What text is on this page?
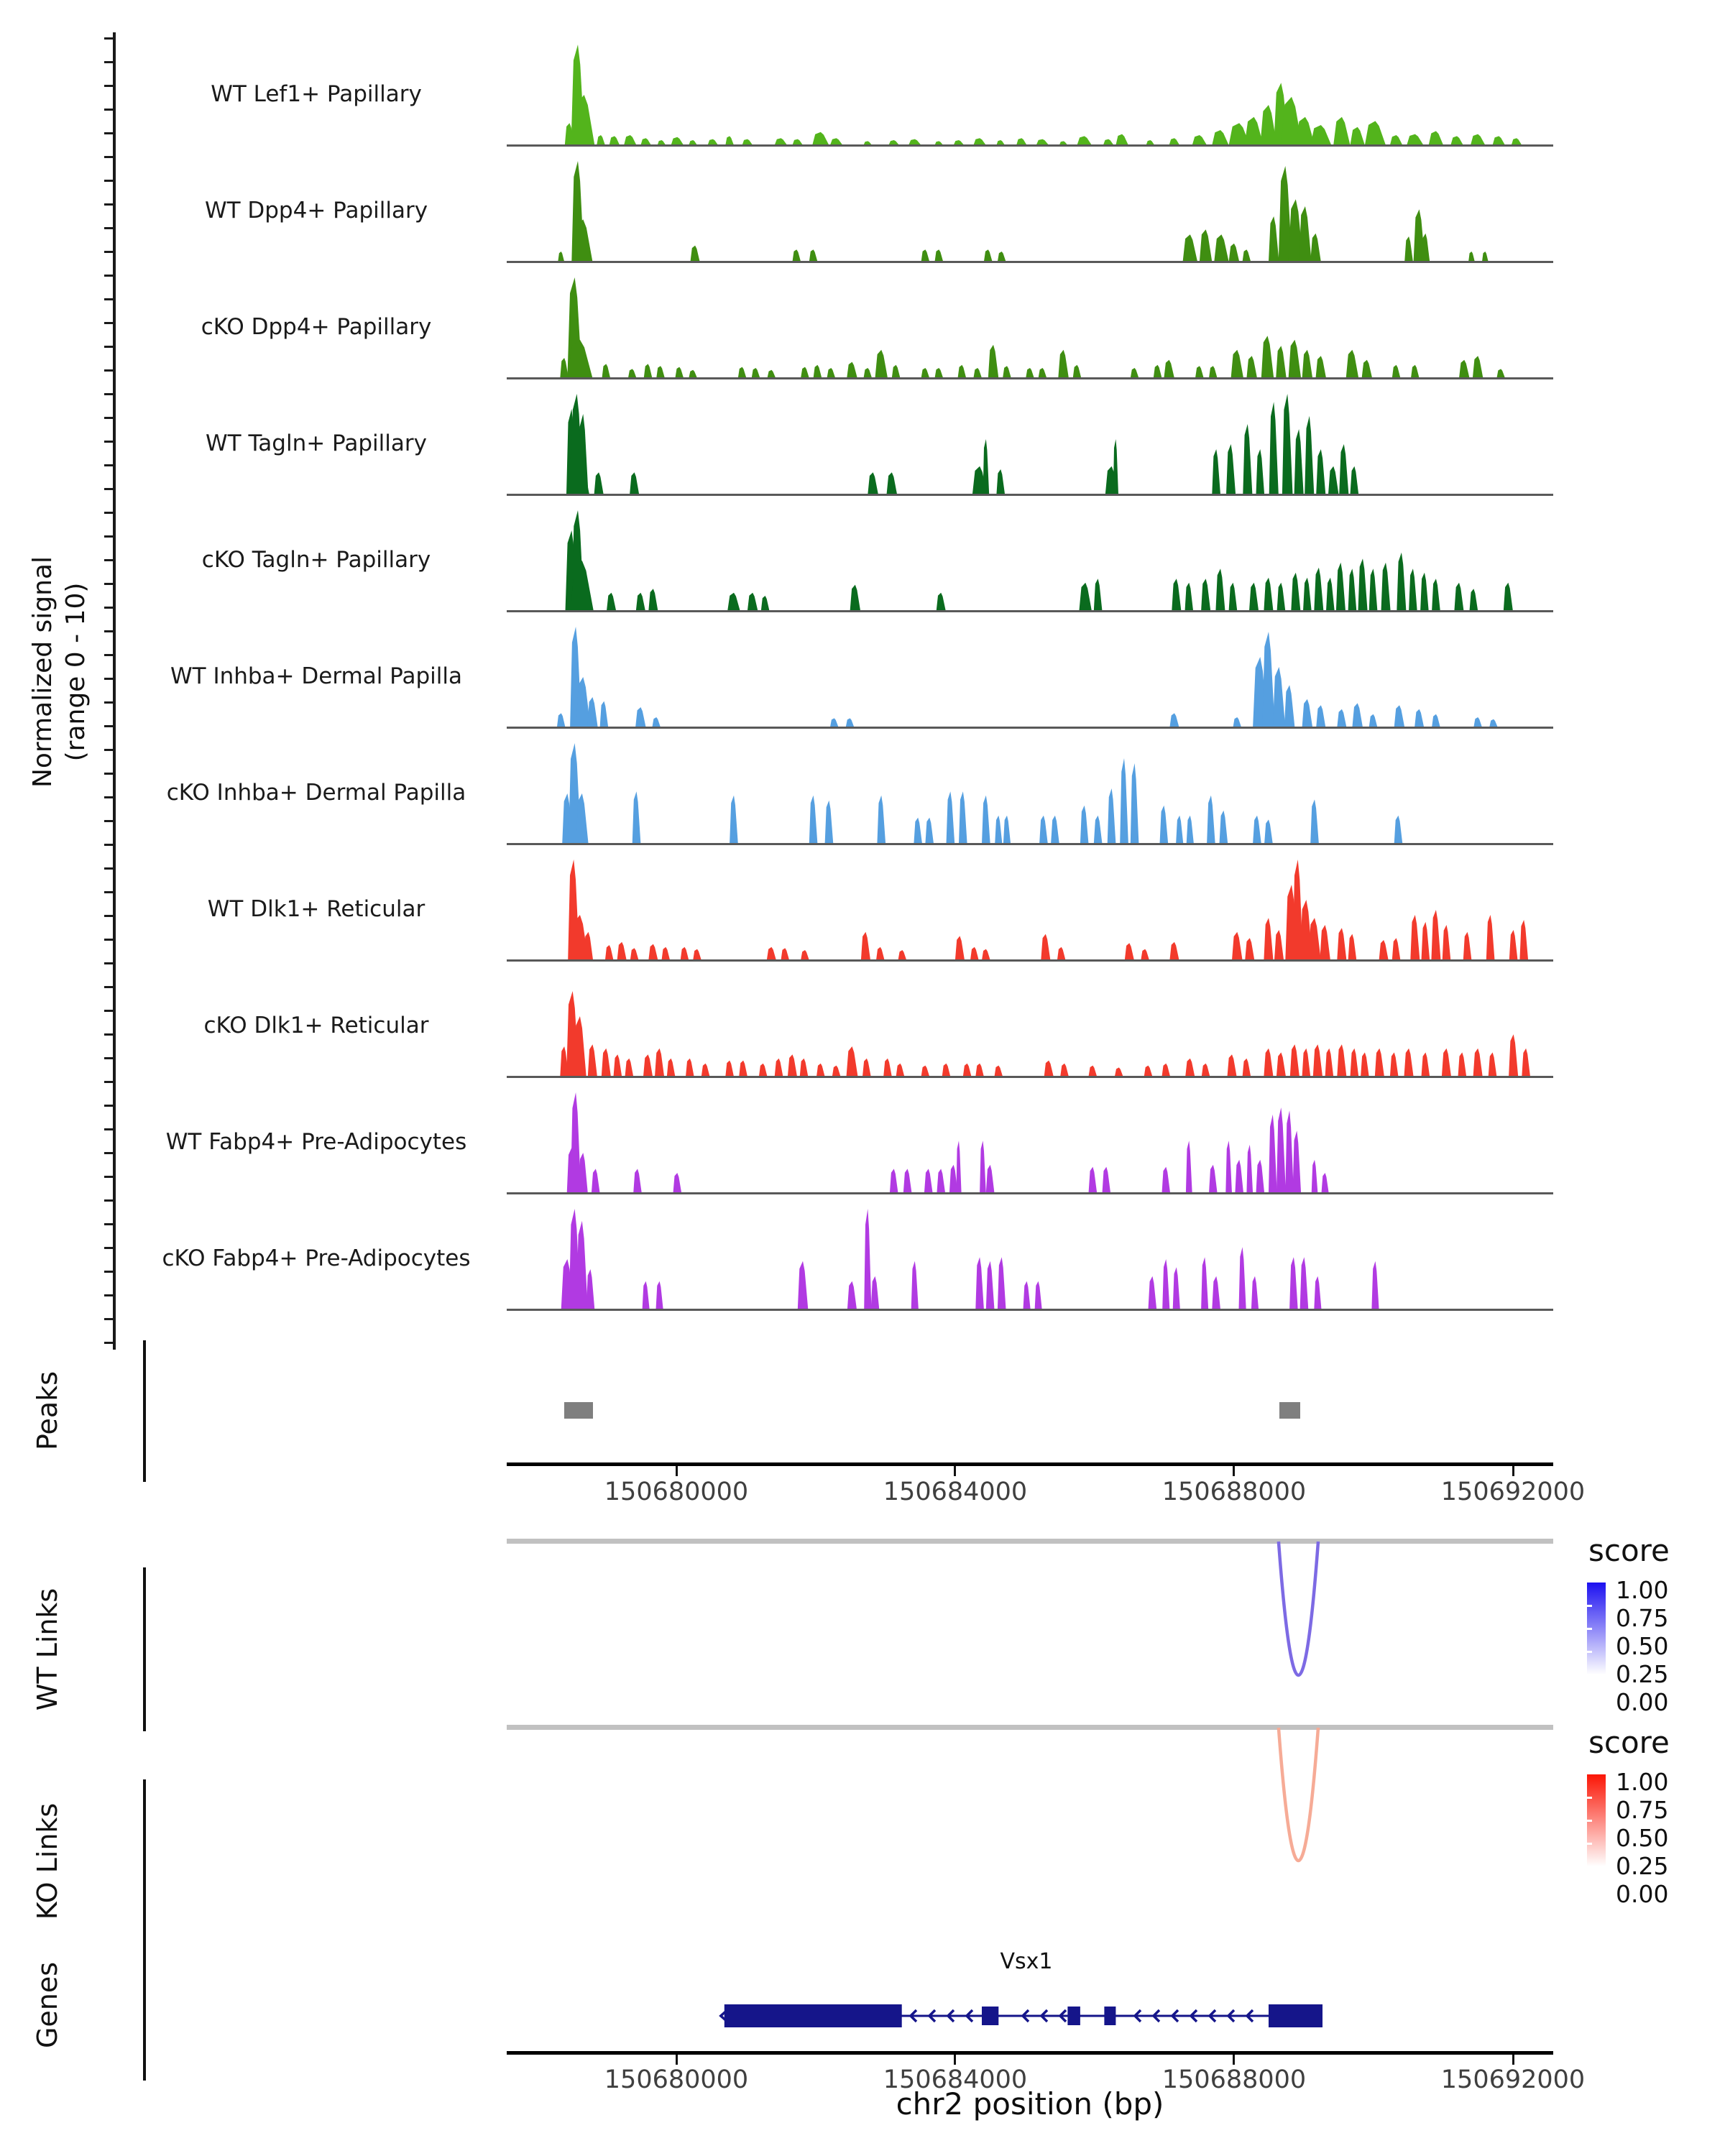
Normalized signal (range 0 - 10)
Peaks
WT Links
KO Links
Genes
WT Lef1+ Papillary
WT Dpp4+ Papillary
cKO Dpp4+ Papillary
WT Tagln+ Papillary
cKO Tagln+ Papillary
WT Inhba+ Dermal Papilla
cKO Inhba+ Dermal Papilla
WT Dlk1+ Reticular
cKO Dlk1+ Reticular
WT Fabp4+ Pre-Adipocytes
cKO Fabp4+ Pre-Adipocytes
150680000	150684000	150688000	150692000
150680000	150684000	150688000	150692000
chr2 position (bp)
score
1.00
0.75
0.50
0.25
0.00
score
1.00
0.75
0.50
0.25
0.00
Vsx1
